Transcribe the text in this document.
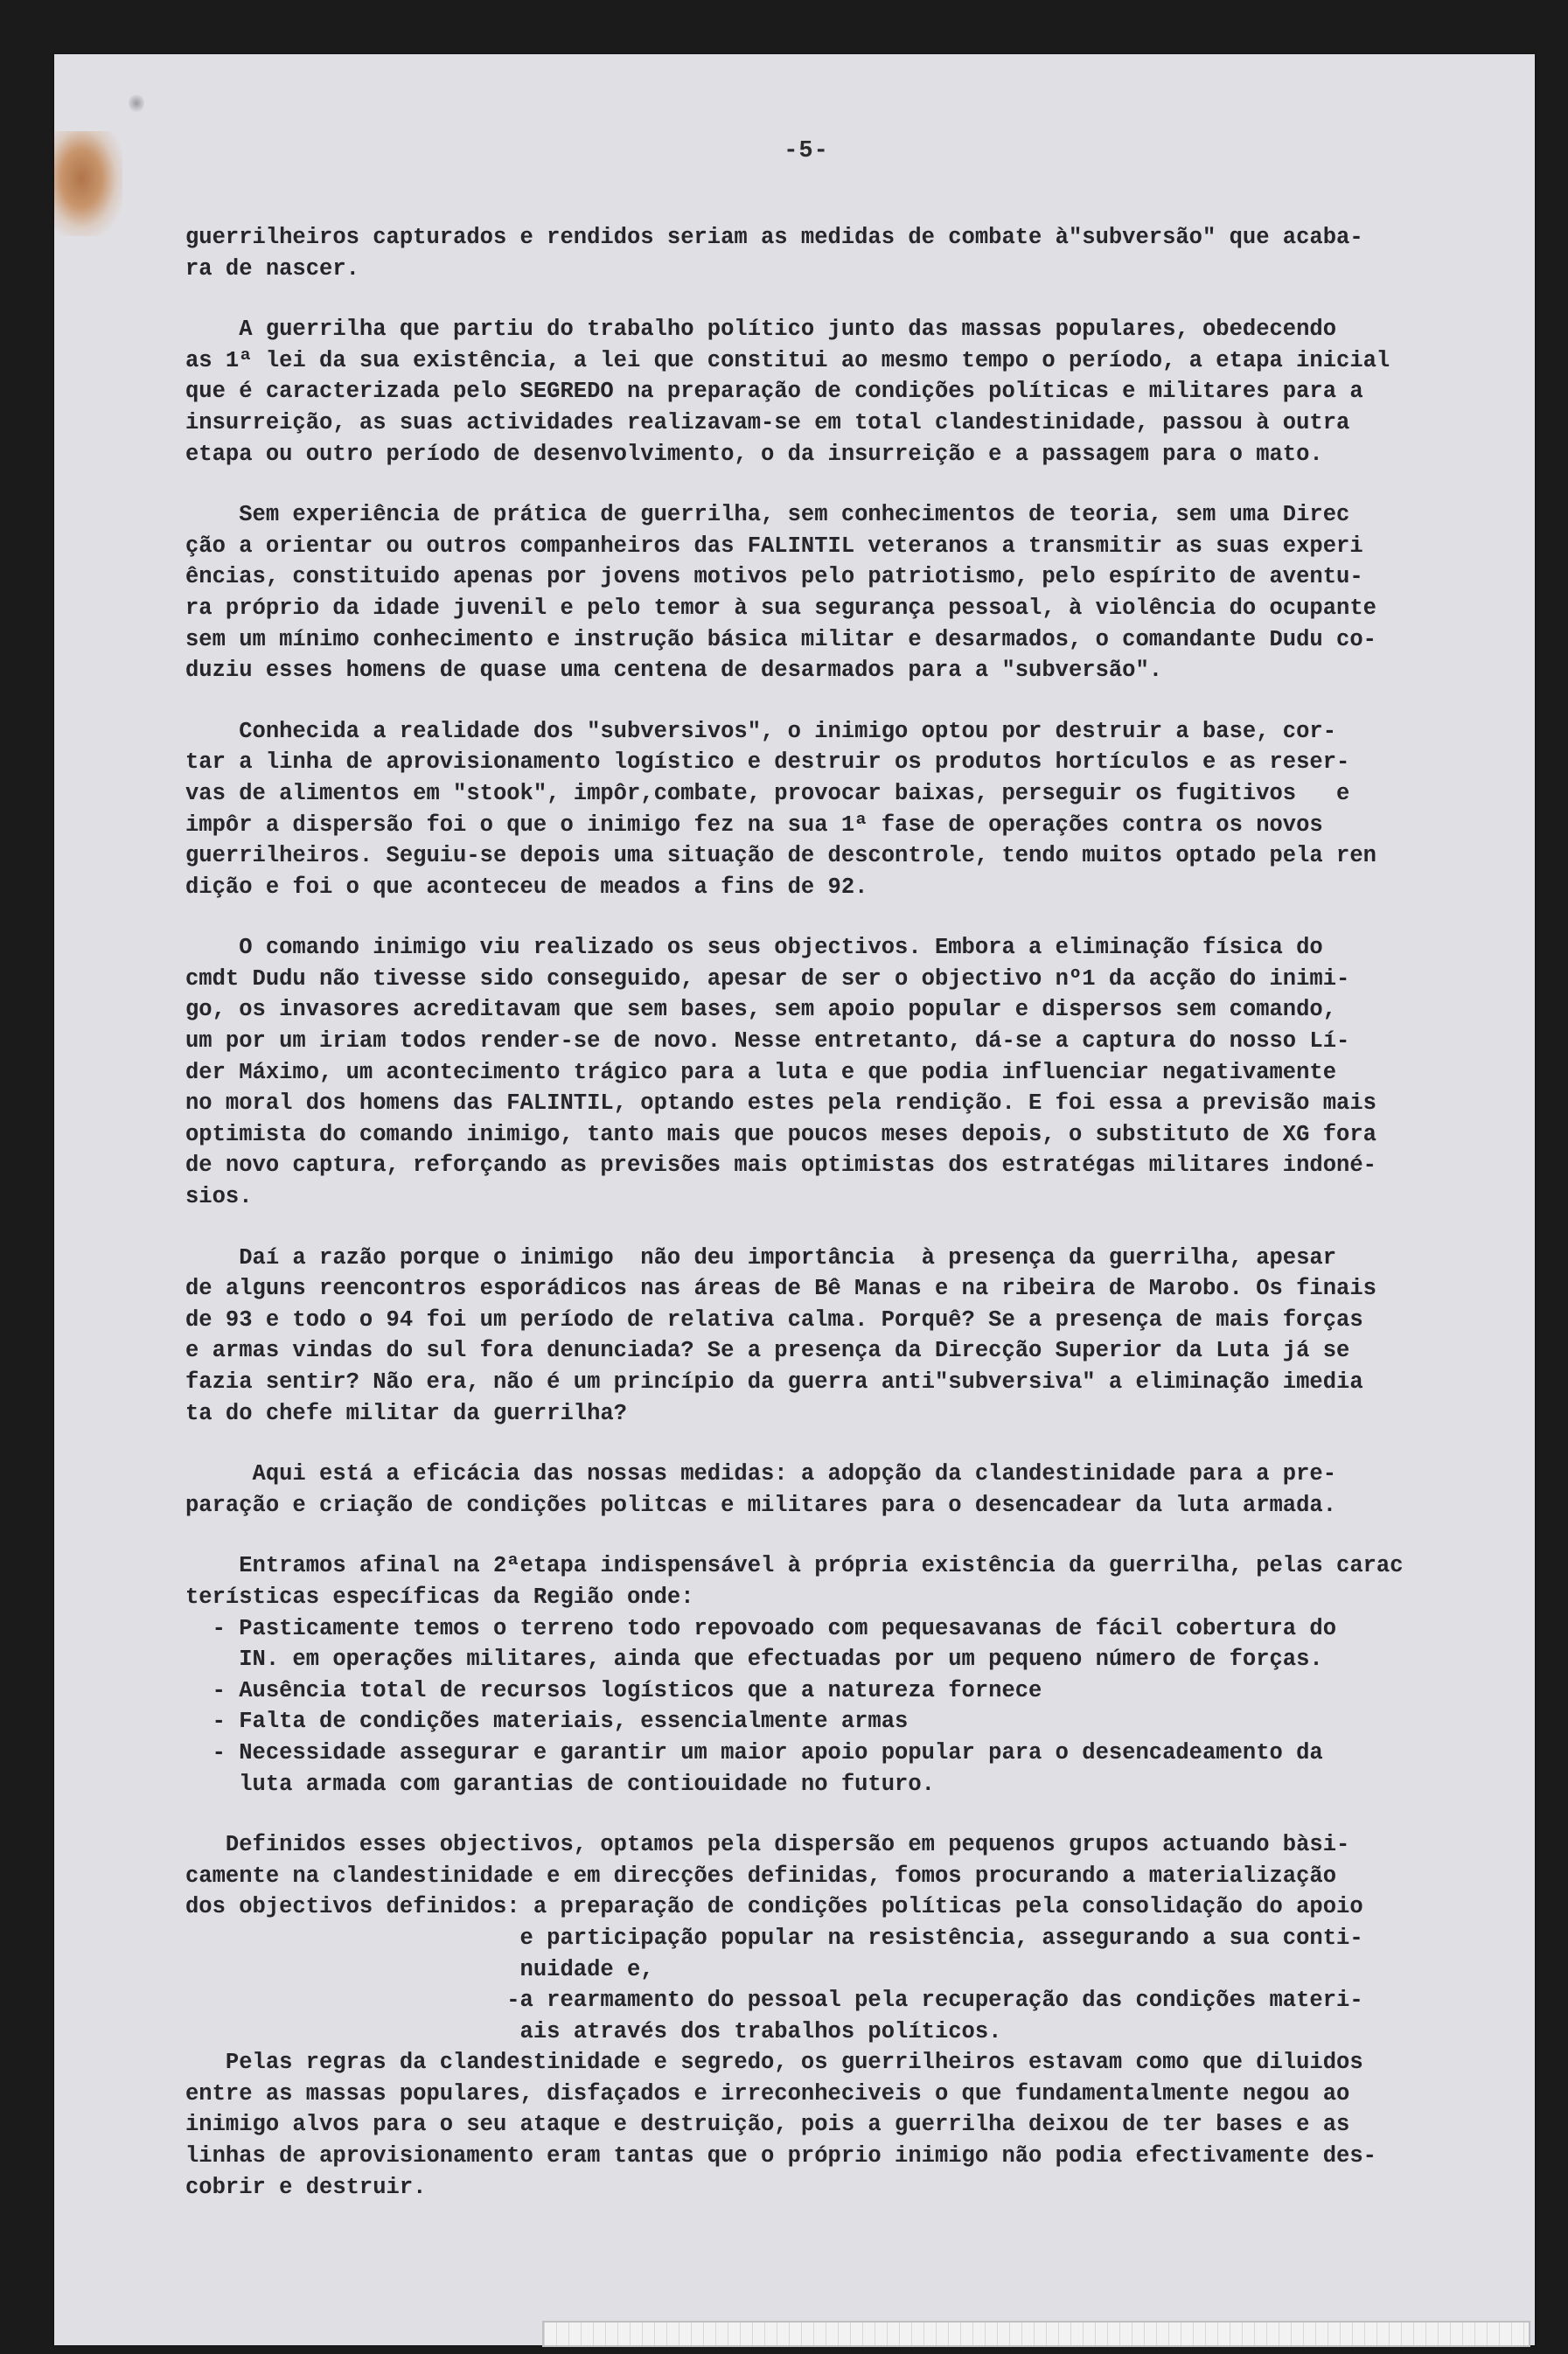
-5-
guerrilheiros capturados e rendidos seriam as medidas de combate à"subversão" que acaba-
ra de nascer.
A guerrilha que partiu do trabalho político junto das massas populares, obedecendo
as 1ª lei da sua existência, a lei que constitui ao mesmo tempo o período, a etapa inicial
que é caracterizada pelo SEGREDO na preparação de condições políticas e militares para a
insurreição, as suas actividades realizavam-se em total clandestinidade, passou à outra
etapa ou outro período de desenvolvimento, o da insurreição e a passagem para o mato.
Sem experiência de prática de guerrilha, sem conhecimentos de teoria, sem uma Direc
ção a orientar ou outros companheiros das FALINTIL veteranos a transmitir as suas experi
ências, constituido apenas por jovens motivos pelo patriotismo, pelo espírito de aventu-
ra próprio da idade juvenil e pelo temor à sua segurança pessoal, à violência do ocupante
sem um mínimo conhecimento e instrução básica militar e desarmados, o comandante Dudu co-
duziu esses homens de quase uma centena de desarmados para a "subversão".
Conhecida a realidade dos "subversivos", o inimigo optou por destruir a base, cor-
tar a linha de aprovisionamento logístico e destruir os produtos hortículos e as reser-
vas de alimentos em "stook", impôr,combate, provocar baixas, perseguir os fugitivos   e
impôr a dispersão foi o que o inimigo fez na sua 1ª fase de operações contra os novos
guerrilheiros. Seguiu-se depois uma situação de descontrole, tendo muitos optado pela ren
dição e foi o que aconteceu de meados a fins de 92.
O comando inimigo viu realizado os seus objectivos. Embora a eliminação física do
cmdt Dudu não tivesse sido conseguido, apesar de ser o objectivo nº1 da acção do inimi-
go, os invasores acreditavam que sem bases, sem apoio popular e dispersos sem comando,
um por um iriam todos render-se de novo. Nesse entretanto, dá-se a captura do nosso Lí-
der Máximo, um acontecimento trágico para a luta e que podia influenciar negativamente
no moral dos homens das FALINTIL, optando estes pela rendição. E foi essa a previsão mais
optimista do comando inimigo, tanto mais que poucos meses depois, o substituto de XG fora
de novo captura, reforçando as previsões mais optimistas dos estratégas militares indoné-
sios.
Daí a razão porque o inimigo  não deu importância  à presença da guerrilha, apesar
de alguns reencontros esporádicos nas áreas de Bê Manas e na ribeira de Marobo. Os finais
de 93 e todo o 94 foi um período de relativa calma. Porquê? Se a presença de mais forças
e armas vindas do sul fora denunciada? Se a presença da Direcção Superior da Luta já se
fazia sentir? Não era, não é um princípio da guerra anti"subversiva" a eliminação imedia
ta do chefe militar da guerrilha?
Aqui está a eficácia das nossas medidas: a adopção da clandestinidade para a pre-
paração e criação de condições politcas e militares para o desencadear da luta armada.
Entramos afinal na 2ªetapa indispensável à própria existência da guerrilha, pelas carac
terísticas específicas da Região onde:
- Pasticamente temos o terreno todo repovoado com pequesavanas de fácil cobertura do
IN. em operações militares, ainda que efectuadas por um pequeno número de forças.
- Ausência total de recursos logísticos que a natureza fornece
- Falta de condições materiais, essencialmente armas
- Necessidade assegurar e garantir um maior apoio popular para o desencadeamento da
luta armada com garantias de contiouidade no futuro.
Definidos esses objectivos, optamos pela dispersão em pequenos grupos actuando bàsi-
camente na clandestinidade e em direcções definidas, fomos procurando a materialização
dos objectivos definidos: a preparação de condições políticas pela consolidação do apoio
e participação popular na resistência, assegurando a sua conti-
nuidade e,
-a rearmamento do pessoal pela recuperação das condições materi-
ais através dos trabalhos políticos.
Pelas regras da clandestinidade e segredo, os guerrilheiros estavam como que diluidos
entre as massas populares, disfaçados e irreconheciveis o que fundamentalmente negou ao
inimigo alvos para o seu ataque e destruição, pois a guerrilha deixou de ter bases e as
linhas de aprovisionamento eram tantas que o próprio inimigo não podia efectivamente des-
cobrir e destruir.
